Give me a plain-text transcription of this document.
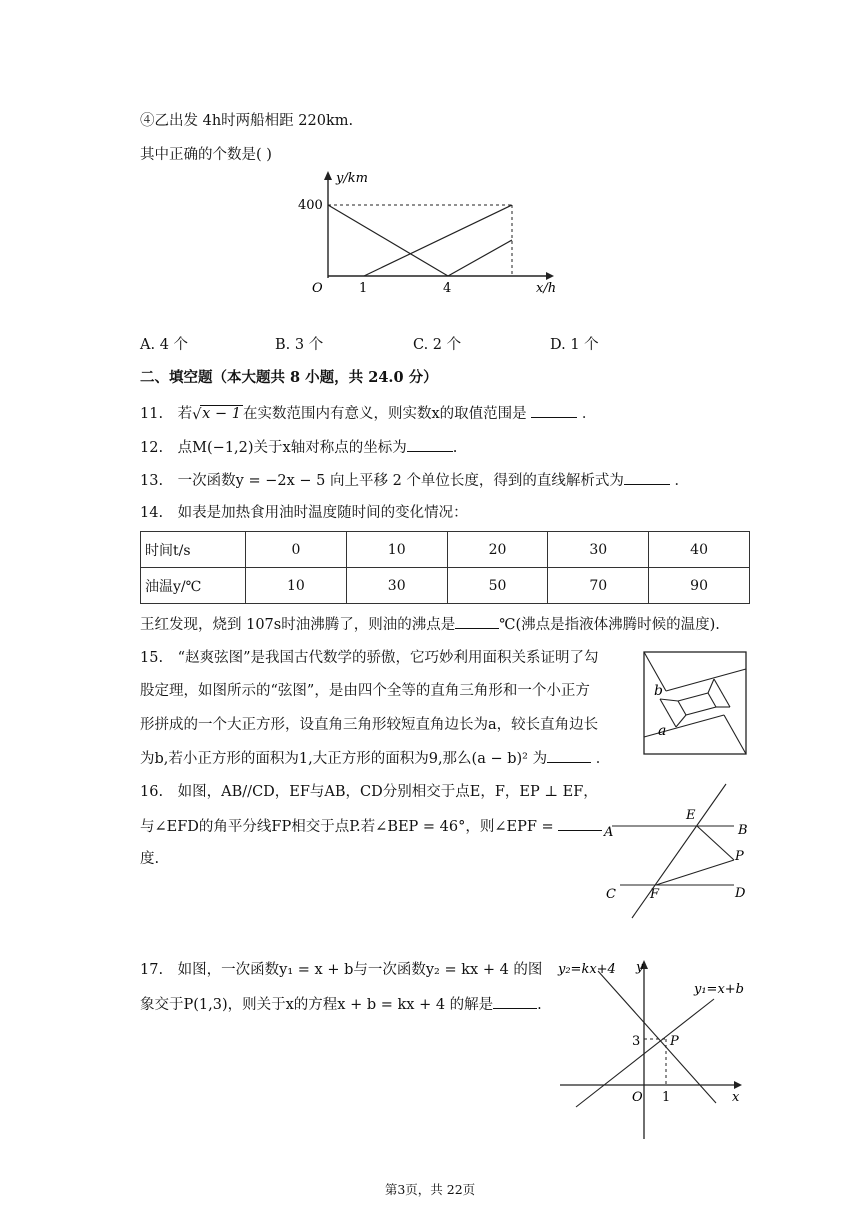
④乙出发 4h时两船相距 220km.
其中正确的个数是( )
y/km
400
O	1	4	x/h
A. 4 个	B. 3 个	C. 2 个	D. 1 个
二、填空题（本大题共 8 小题，共 24.0 分）
11. 若 √ x − 1 在实数范围内有意义，则实数x的取值范围是	．
12. 点M(−1,2)关于x轴对称点的坐标为	.
13. 一次函数y = −2x − 5 向上平移 2 个单位长度，得到的直线解析式为	．
14. 如表是加热食用油时温度随时间的变化情况：
时间t/s	0	10	20	30	40
油温y/℃	10	30	50	70	90
王红发现，烧到 107s时油沸腾了，则油的沸点是	℃(沸点是指液体沸腾时候的温度).
15. “赵爽弦图”是我国古代数学的骄傲，它巧妙利用面积关系证明了勾
股定理，如图所示的“弦图”，是由四个全等的直角三角形和一个小正方
形拼成的一个大正方形，设直角三角形较短直角边长为a，较长直角边长
为b,若小正方形的面积为1,大正方形的面积为9,那么(a − b)² 为	．
b
a
16. 如图，AB//CD，EF与AB，CD分别相交于点E，F，EP ⊥ EF，
与∠EFD的角平分线FP相交于点P.若∠BEP = 46°，则∠EPF =
度.
A	B
C	D
E
F
P
17. 如图，一次函数y₁ = x + b与一次函数y₂ = kx + 4 的图
象交于P(1,3)，则关于x的方程x + b = kx + 4 的解是	.
y₂=kx+4
y₁=x+b
y
x
O 1
3 P
第3页，共 22页
